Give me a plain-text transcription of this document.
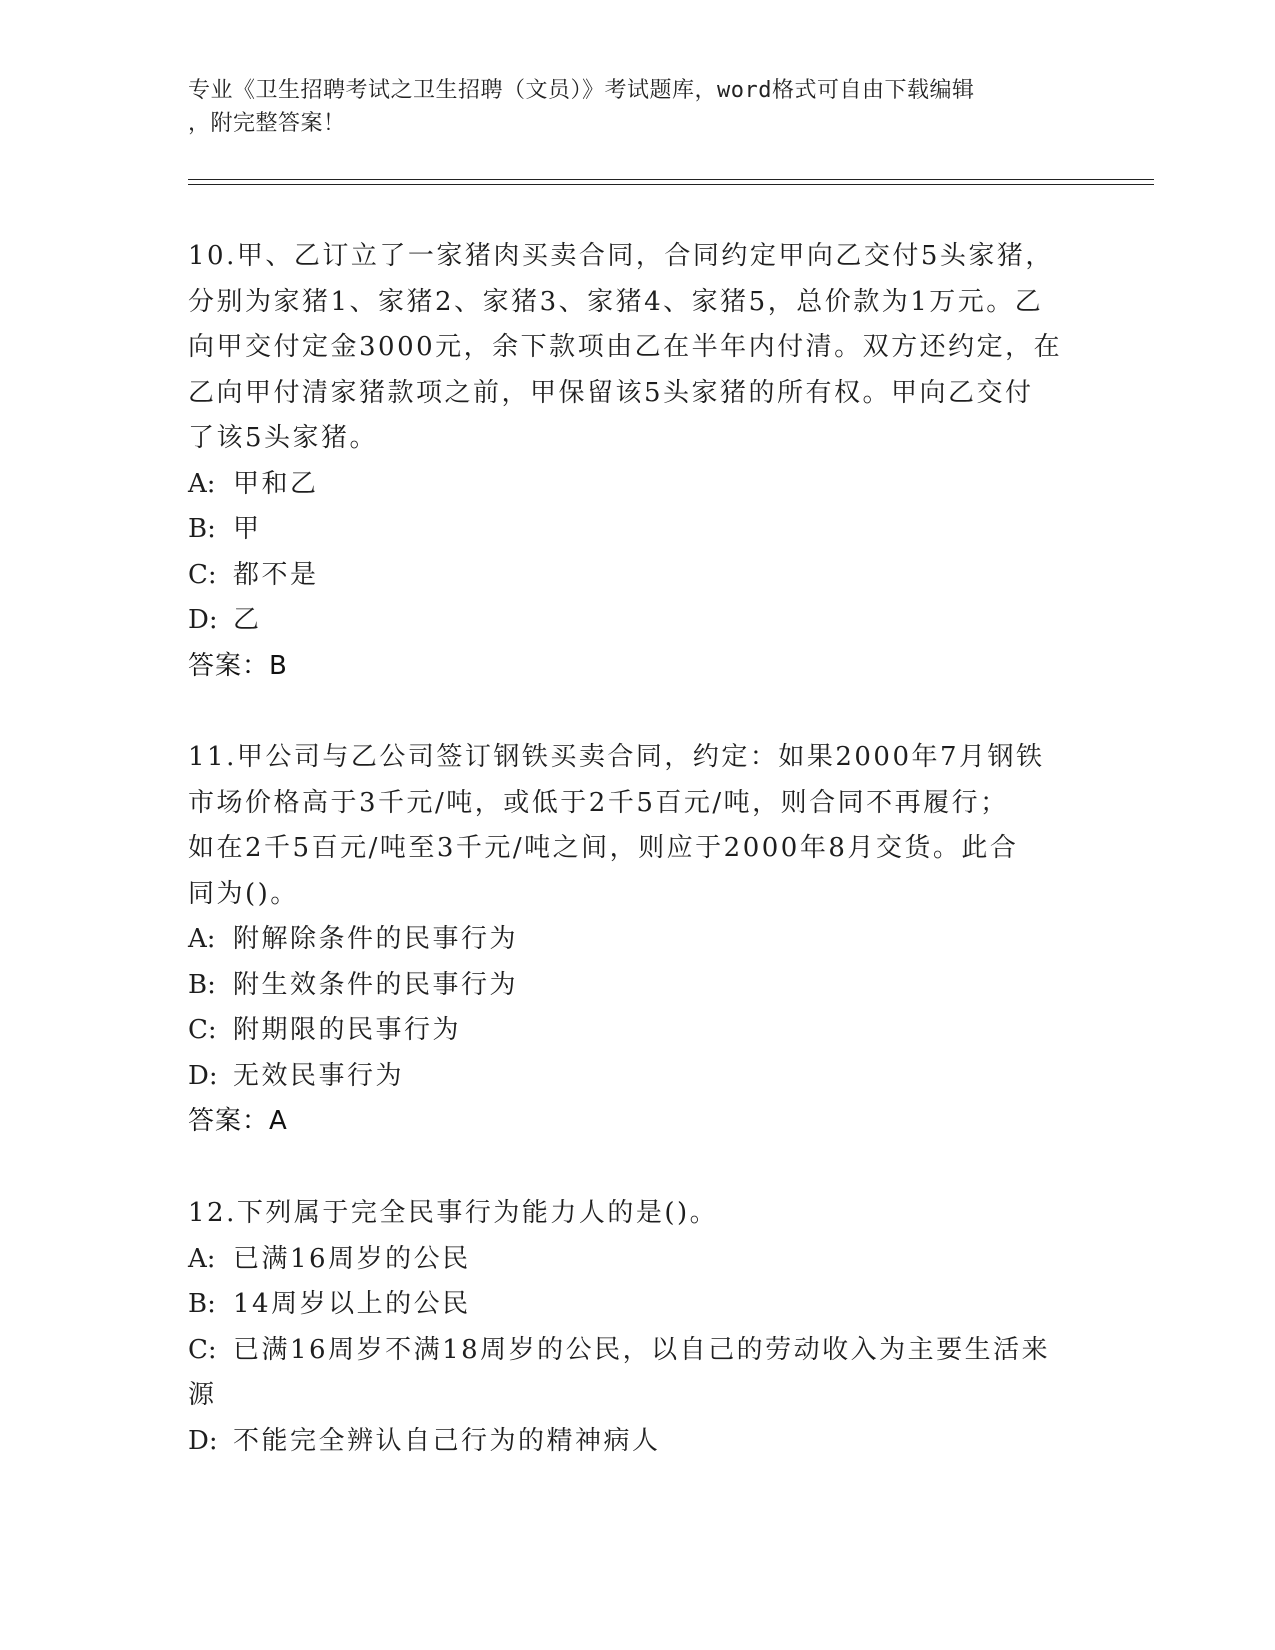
专业《卫生招聘考试之卫生招聘（文员）》考试题库，word格式可自由下载编辑
，附完整答案！
10.甲、乙订立了一家猪肉买卖合同，合同约定甲向乙交付5头家猪，
分别为家猪1、家猪2、家猪3、家猪4、家猪5，总价款为1万元。乙
向甲交付定金3000元，余下款项由乙在半年内付清。双方还约定，在
乙向甲付清家猪款项之前，甲保留该5头家猪的所有权。甲向乙交付
了该5头家猪。
A: 甲和乙
B: 甲
C: 都不是
D: 乙
答案：B
11.甲公司与乙公司签订钢铁买卖合同，约定：如果2000年7月钢铁
市场价格高于3千元/吨，或低于2千5百元/吨，则合同不再履行；
如在2千5百元/吨至3千元/吨之间，则应于2000年8月交货。此合
同为()。
A: 附解除条件的民事行为
B: 附生效条件的民事行为
C: 附期限的民事行为
D: 无效民事行为
答案：A
12.下列属于完全民事行为能力人的是()。
A: 已满16周岁的公民
B: 14周岁以上的公民
C: 已满16周岁不满18周岁的公民，以自己的劳动收入为主要生活来
源
D: 不能完全辨认自己行为的精神病人
